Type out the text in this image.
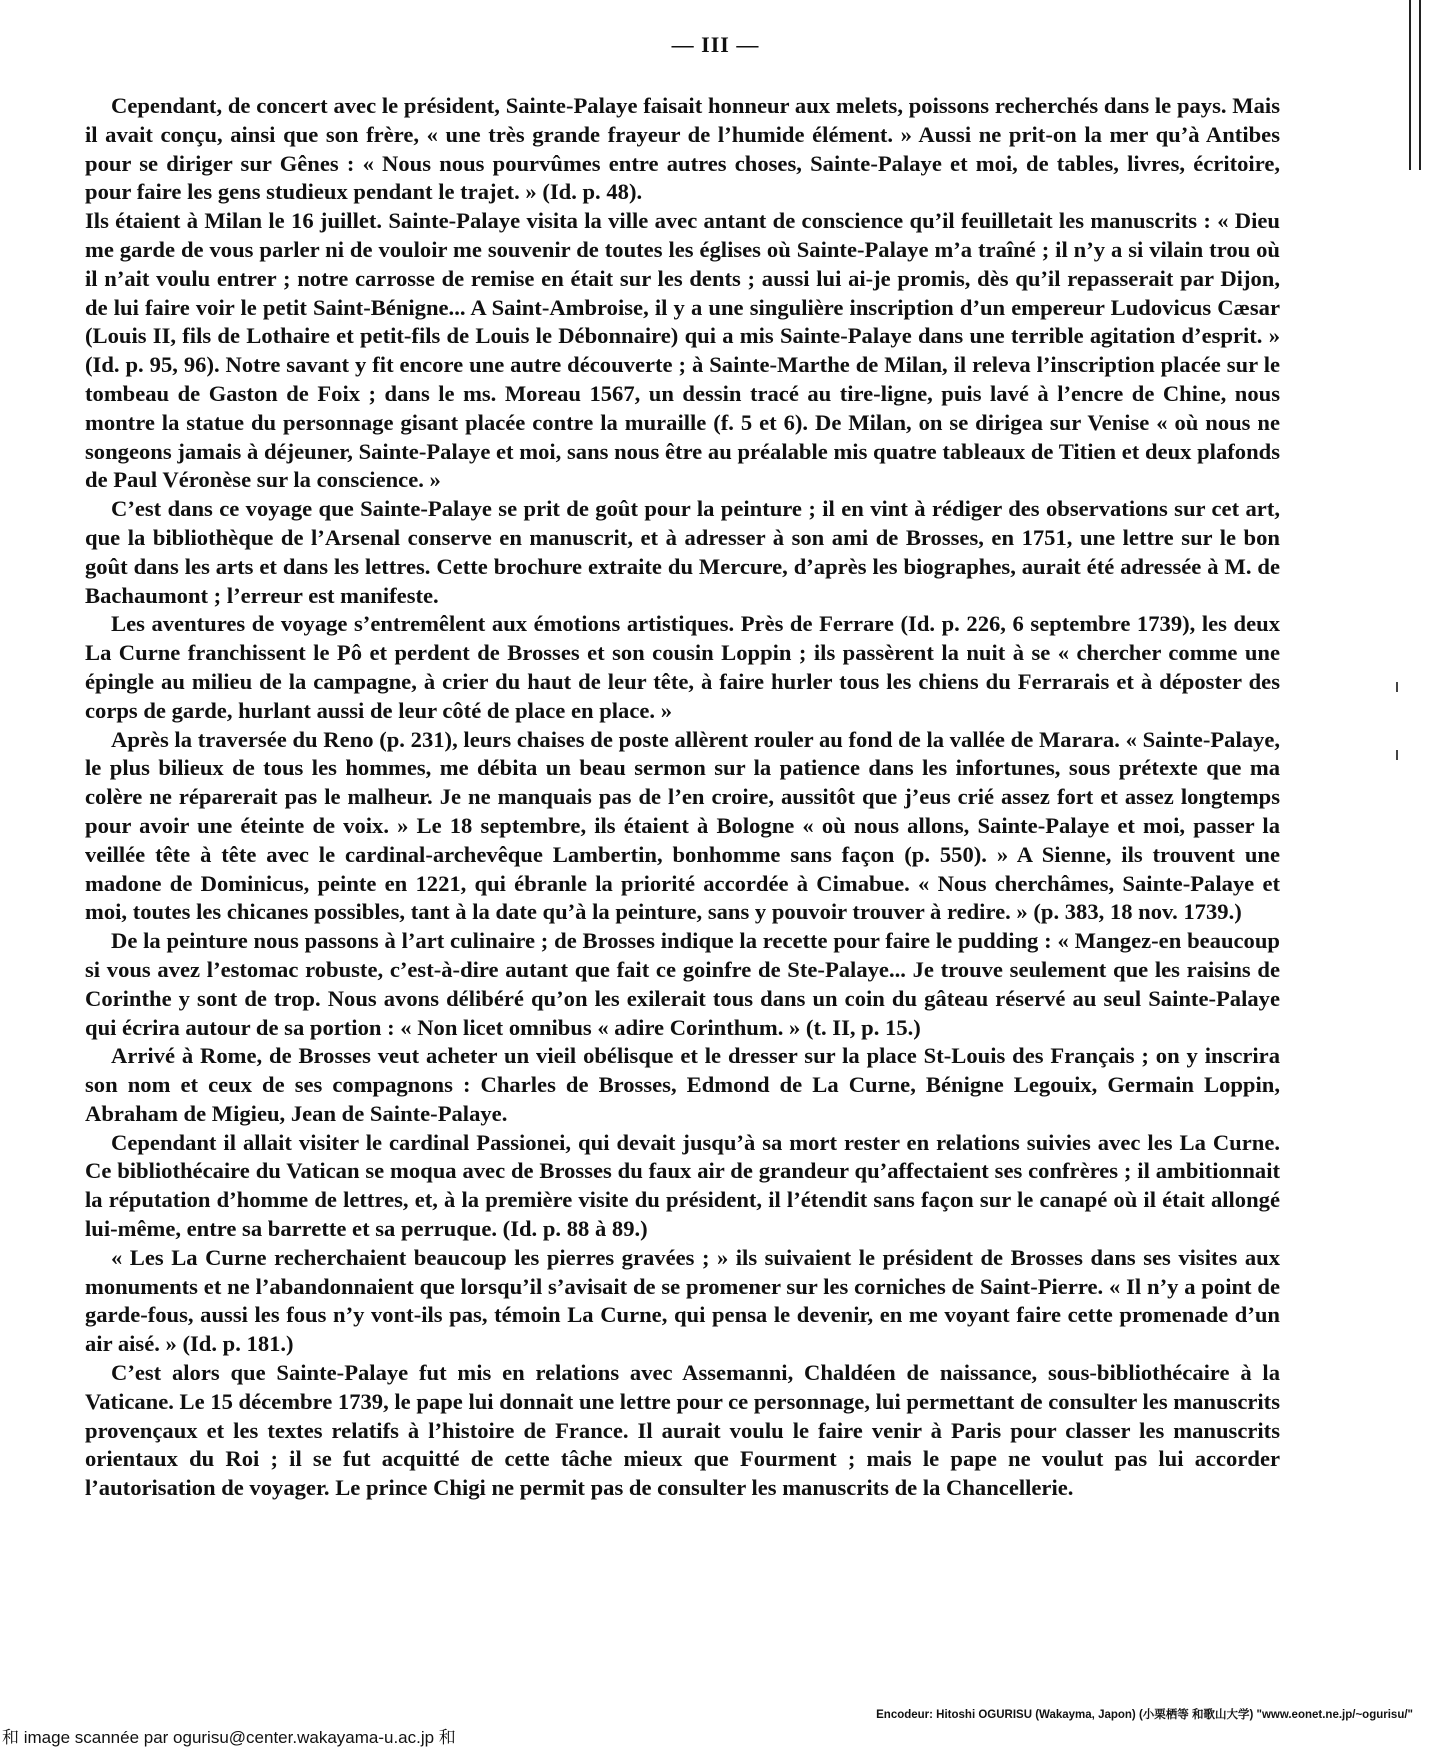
— III —

Cependant, de concert avec le président, Sainte-Palaye faisait honneur aux melets, poissons recherchés dans le pays. Mais il avait conçu, ainsi que son frère, « une très grande frayeur de l’humide élément. » Aussi ne prit-on la mer qu’à Antibes pour se diriger sur Gênes : « Nous nous pourvûmes entre autres choses, Sainte-Palaye et moi, de tables, livres, écritoire, pour faire les gens studieux pendant le trajet. » (Id. p. 48).

Ils étaient à Milan le 16 juillet. Sainte-Palaye visita la ville avec antant de conscience qu’il feuilletait les manuscrits : « Dieu me garde de vous parler ni de vouloir me souvenir de toutes les églises où Sainte-Palaye m’a traîné ; il n’y a si vilain trou où il n’ait voulu entrer ; notre carrosse de remise en était sur les dents ; aussi lui ai-je promis, dès qu’il repasserait par Dijon, de lui faire voir le petit Saint-Bénigne... A Saint-Ambroise, il y a une singulière inscription d’un empereur Ludovicus Cæsar (Louis II, fils de Lothaire et petit-fils de Louis le Débonnaire) qui a mis Sainte-Palaye dans une terrible agitation d’esprit. » (Id. p. 95, 96). Notre savant y fit encore une autre découverte ; à Sainte-Marthe de Milan, il releva l’inscription placée sur le tombeau de Gaston de Foix ; dans le ms. Moreau 1567, un dessin tracé au tire-ligne, puis lavé à l’encre de Chine, nous montre la statue du personnage gisant placée contre la muraille (f. 5 et 6). De Milan, on se dirigea sur Venise « où nous ne songeons jamais à déjeuner, Sainte-Palaye et moi, sans nous être au préalable mis quatre tableaux de Titien et deux plafonds de Paul Véronèse sur la conscience. »

C’est dans ce voyage que Sainte-Palaye se prit de goût pour la peinture ; il en vint à rédiger des observations sur cet art, que la bibliothèque de l’Arsenal conserve en manuscrit, et à adresser à son ami de Brosses, en 1751, une lettre sur le bon goût dans les arts et dans les lettres. Cette brochure extraite du Mercure, d’après les biographes, aurait été adressée à M. de Bachaumont ; l’erreur est manifeste.

Les aventures de voyage s’entremêlent aux émotions artistiques. Près de Ferrare (Id. p. 226, 6 septembre 1739), les deux La Curne franchissent le Pô et perdent de Brosses et son cousin Loppin ; ils passèrent la nuit à se « chercher comme une épingle au milieu de la campagne, à crier du haut de leur tête, à faire hurler tous les chiens du Ferrarais et à déposter des corps de garde, hurlant aussi de leur côté de place en place. »

Après la traversée du Reno (p. 231), leurs chaises de poste allèrent rouler au fond de la vallée de Marara. « Sainte-Palaye, le plus bilieux de tous les hommes, me débita un beau sermon sur la patience dans les infortunes, sous prétexte que ma colère ne réparerait pas le malheur. Je ne manquais pas de l’en croire, aussitôt que j’eus crié assez fort et assez longtemps pour avoir une éteinte de voix. » Le 18 septembre, ils étaient à Bologne « où nous allons, Sainte-Palaye et moi, passer la veillée tête à tête avec le cardinal-archevêque Lambertin, bonhomme sans façon (p. 550). » A Sienne, ils trouvent une madone de Dominicus, peinte en 1221, qui ébranle la priorité accordée à Cimabue. « Nous cherchâmes, Sainte-Palaye et moi, toutes les chicanes possibles, tant à la date qu’à la peinture, sans y pouvoir trouver à redire. » (p. 383, 18 nov. 1739.)

De la peinture nous passons à l’art culinaire ; de Brosses indique la recette pour faire le pudding : « Mangez-en beaucoup si vous avez l’estomac robuste, c’est-à-dire autant que fait ce goinfre de Ste-Palaye... Je trouve seulement que les raisins de Corinthe y sont de trop. Nous avons délibéré qu’on les exilerait tous dans un coin du gâteau réservé au seul Sainte-Palaye qui écrira autour de sa portion : « Non licet omnibus « adire Corinthum. » (t. II, p. 15.)

Arrivé à Rome, de Brosses veut acheter un vieil obélisque et le dresser sur la place St-Louis des Français ; on y inscrira son nom et ceux de ses compagnons : Charles de Brosses, Edmond de La Curne, Bénigne Legouix, Germain Loppin, Abraham de Migieu, Jean de Sainte-Palaye.

Cependant il allait visiter le cardinal Passionei, qui devait jusqu’à sa mort rester en relations suivies avec les La Curne. Ce bibliothécaire du Vatican se moqua avec de Brosses du faux air de grandeur qu’affectaient ses confrères ; il ambitionnait la réputation d’homme de lettres, et, à la première visite du président, il l’étendit sans façon sur le canapé où il était allongé lui-même, entre sa barrette et sa perruque. (Id. p. 88 à 89.)

« Les La Curne recherchaient beaucoup les pierres gravées ; » ils suivaient le président de Brosses dans ses visites aux monuments et ne l’abandonnaient que lorsqu’il s’avisait de se promener sur les corniches de Saint-Pierre. « Il n’y a point de garde-fous, aussi les fous n’y vont-ils pas, témoin La Curne, qui pensa le devenir, en me voyant faire cette promenade d’un air aisé. » (Id. p. 181.)

C’est alors que Sainte-Palaye fut mis en relations avec Assemanni, Chaldéen de naissance, sous-bibliothécaire à la Vaticane. Le 15 décembre 1739, le pape lui donnait une lettre pour ce personnage, lui permettant de consulter les manuscrits provençaux et les textes relatifs à l’histoire de France. Il aurait voulu le faire venir à Paris pour classer les manuscrits orientaux du Roi ; il se fut acquitté de cette tâche mieux que Fourment ; mais le pape ne voulut pas lui accorder l’autorisation de voyager. Le prince Chigi ne permit pas de consulter les manuscrits de la Chancellerie.

Encodeur: Hitoshi OGURISU (Wakayma, Japon) (小栗栖等 和歌山大学) "www.eonet.ne.jp/~ogurisu/"
和 image scannée par ogurisu@center.wakayama-u.ac.jp 和
